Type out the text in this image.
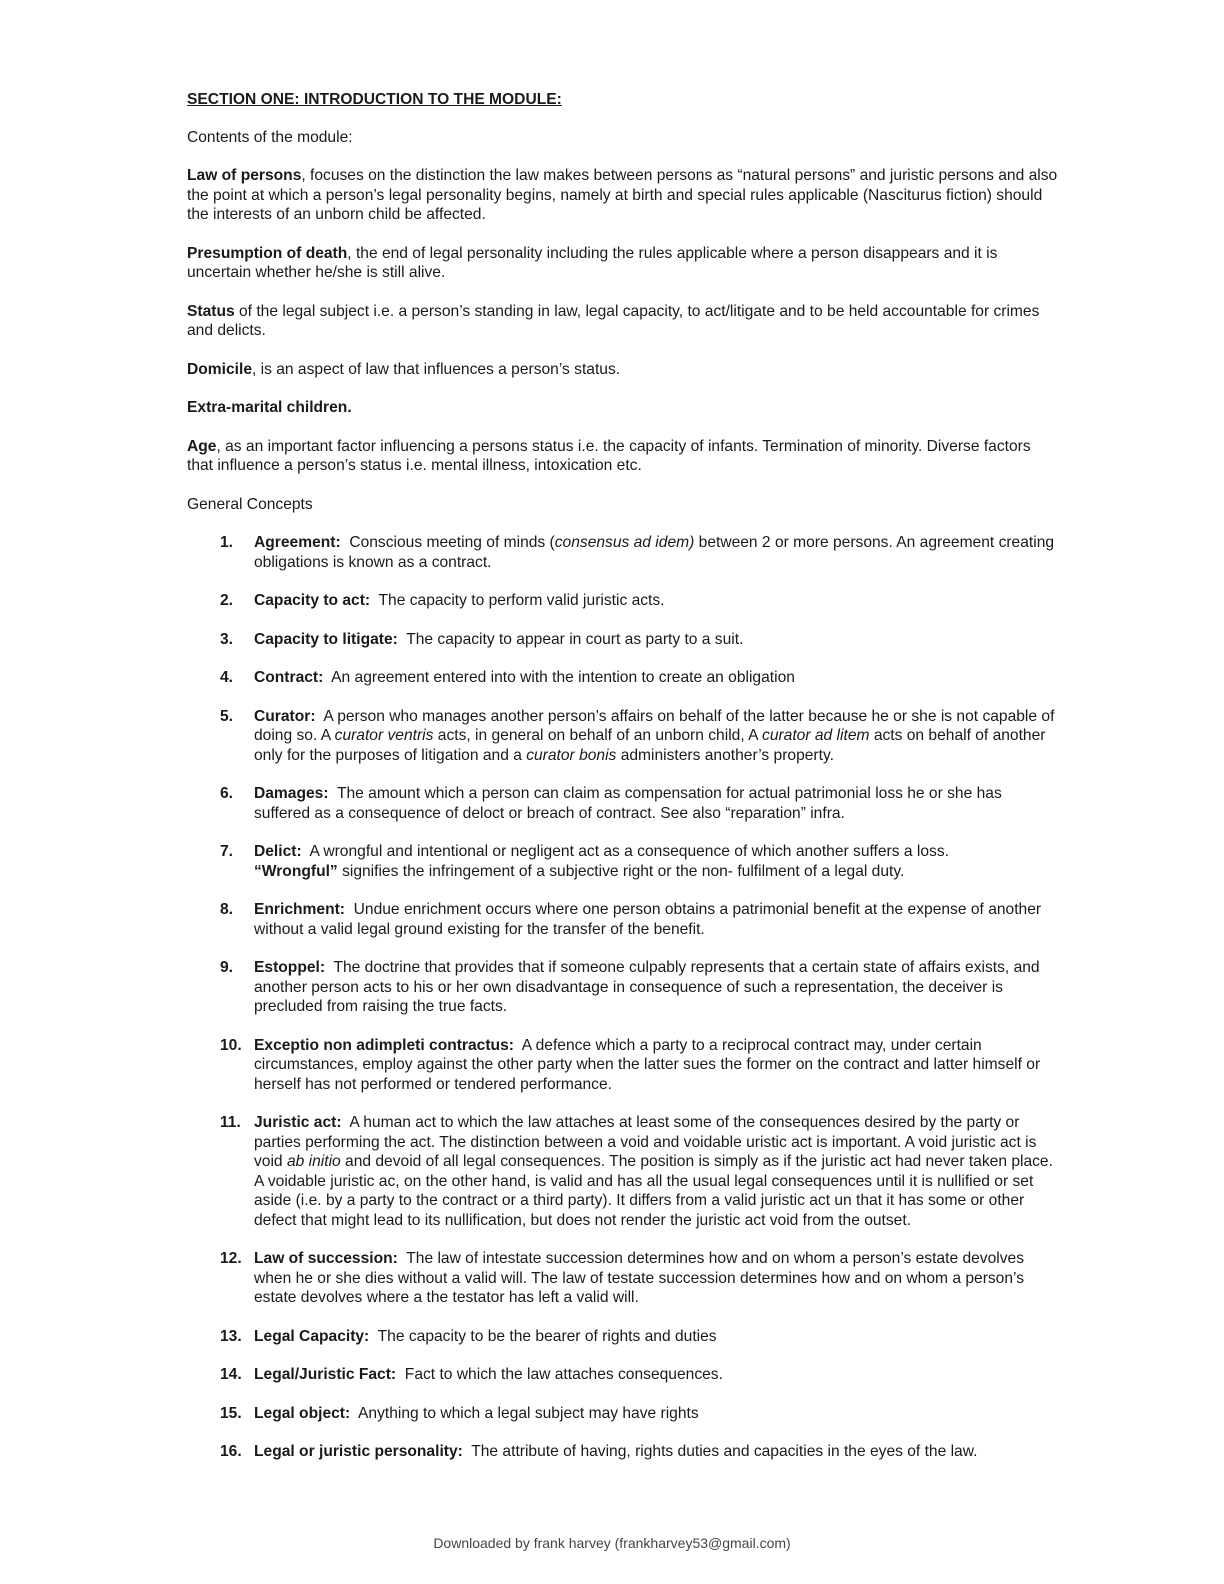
SECTION ONE: INTRODUCTION TO THE MODULE:

Contents of the module:

Law of persons, focuses on the distinction the law makes between persons as “natural persons” and juristic persons and also the point at which a person’s legal personality begins, namely at birth and special rules applicable (Nasciturus fiction) should the interests of an unborn child be affected.

Presumption of death, the end of legal personality including the rules applicable where a person disappears and it is uncertain whether he/she is still alive.

Status of the legal subject i.e. a person’s standing in law, legal capacity, to act/litigate and to be held accountable for crimes and delicts.

Domicile, is an aspect of law that influences a person’s status.

Extra-marital children.

Age, as an important factor influencing a persons status i.e. the capacity of infants. Termination of minority. Diverse factors that influence a person’s status i.e. mental illness, intoxication etc.

General Concepts

1. Agreement: Conscious meeting of minds (consensus ad idem) between 2 or more persons. An agreement creating obligations is known as a contract.
2. Capacity to act: The capacity to perform valid juristic acts.
3. Capacity to litigate: The capacity to appear in court as party to a suit.
4. Contract: An agreement entered into with the intention to create an obligation
5. Curator: A person who manages another person’s affairs on behalf of the latter because he or she is not capable of doing so. A curator ventris acts, in general on behalf of an unborn child, A curator ad litem acts on behalf of another only for the purposes of litigation and a curator bonis administers another’s property.
6. Damages: The amount which a person can claim as compensation for actual patrimonial loss he or she has suffered as a consequence of deloct or breach of contract. See also “reparation” infra.
7. Delict: A wrongful and intentional or negligent act as a consequence of which another suffers a loss.
“Wrongful” signifies the infringement of a subjective right or the non- fulfilment of a legal duty.
8. Enrichment: Undue enrichment occurs where one person obtains a patrimonial benefit at the expense of another without a valid legal ground existing for the transfer of the benefit.
9. Estoppel: The doctrine that provides that if someone culpably represents that a certain state of affairs exists, and another person acts to his or her own disadvantage in consequence of such a representation, the deceiver is precluded from raising the true facts.
10. Exceptio non adimpleti contractus: A defence which a party to a reciprocal contract may, under certain circumstances, employ against the other party when the latter sues the former on the contract and latter himself or herself has not performed or tendered performance.
11. Juristic act: A human act to which the law attaches at least some of the consequences desired by the party or parties performing the act. The distinction between a void and voidable uristic act is important. A void juristic act is void ab initio and devoid of all legal consequences. The position is simply as if the juristic act had never taken place. A voidable juristic ac, on the other hand, is valid and has all the usual legal consequences until it is nullified or set aside (i.e. by a party to the contract or a third party). It differs from a valid juristic act un that it has some or other defect that might lead to its nullification, but does not render the juristic act void from the outset.
12. Law of succession: The law of intestate succession determines how and on whom a person’s estate devolves when he or she dies without a valid will. The law of testate succession determines how and on whom a person’s estate devolves where a the testator has left a valid will.
13. Legal Capacity: The capacity to be the bearer of rights and duties
14. Legal/Juristic Fact: Fact to which the law attaches consequences.
15. Legal object: Anything to which a legal subject may have rights
16. Legal or juristic personality: The attribute of having, rights duties and capacities in the eyes of the law.
Downloaded by frank harvey (frankharvey53@gmail.com)
